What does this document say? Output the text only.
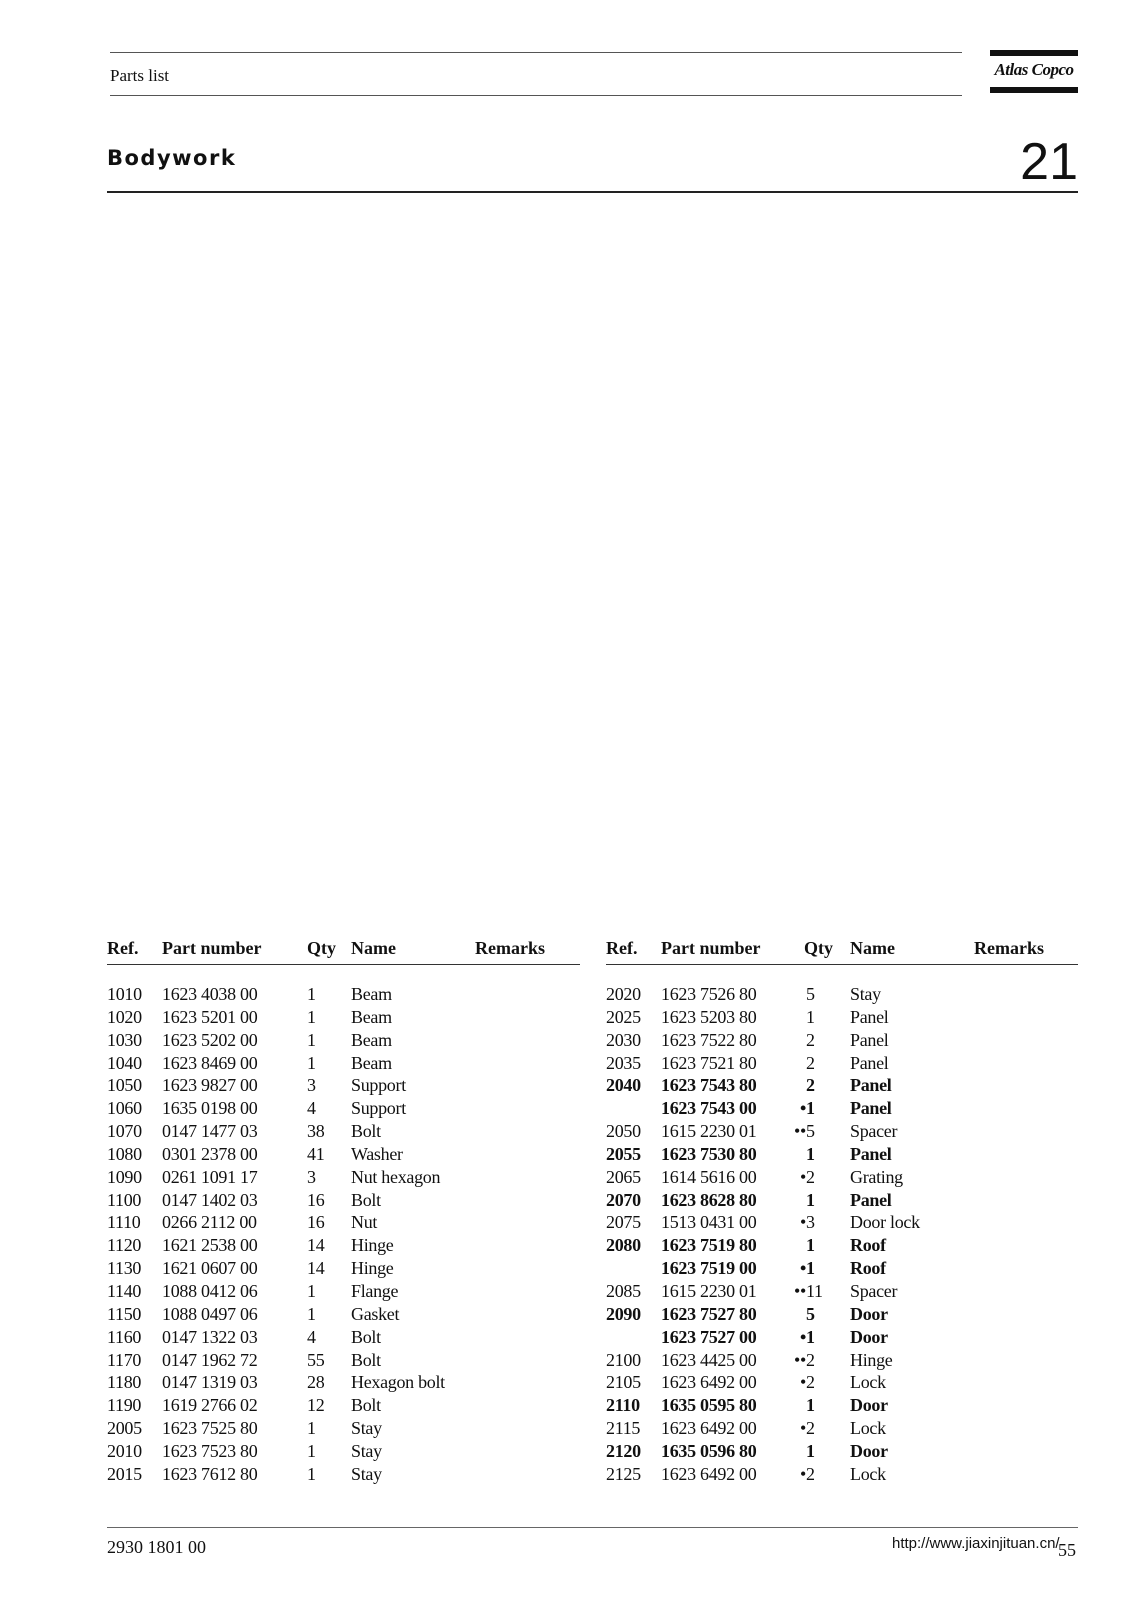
Parts list	Atlas Copco
Bodywork	21
Ref. Part number	Qty Name	Remarks
1010 1623 4038 00	1 Beam
1020 1623 5201 00	1 Beam
1030 1623 5202 00	1 Beam
1040 1623 8469 00	1 Beam
1050 1623 9827 00	3 Support
1060 1635 0198 00	4 Support
1070 0147 1477 03	38 Bolt
1080 0301 2378 00	41 Washer
1090 0261 1091 17	3 Nut hexagon
1100 0147 1402 03	16 Bolt
1110 0266 2112 00	16 Nut
1120 1621 2538 00	14 Hinge
1130 1621 0607 00	14 Hinge
1140 1088 0412 06	1 Flange
1150 1088 0497 06	1 Gasket
1160 0147 1322 03	4 Bolt
1170 0147 1962 72	55 Bolt
1180 0147 1319 03	28 Hexagon bolt
1190 1619 2766 02	12 Bolt
2005 1623 7525 80	1 Stay
2010 1623 7523 80	1 Stay
2015 1623 7612 80	1 Stay
Ref. Part number Qty Name	Remarks
2020 1623 7526 80	5 Stay
2025 1623 5203 80	1 Panel
2030 1623 7522 80	2 Panel
2035 1623 7521 80	2 Panel
2040 1623 7543 80	2 Panel
1623 7543 00	• 1 Panel
2050 1615 2230 01	•• 5 Spacer
2055 1623 7530 80	1 Panel
2065 1614 5616 00	• 2 Grating
2070 1623 8628 80	1 Panel
2075 1513 0431 00	• 3 Door lock
2080 1623 7519 80	1 Roof
1623 7519 00	• 1 Roof
2085 1615 2230 01	•• 11 Spacer
2090 1623 7527 80	5 Door
1623 7527 00	• 1 Door
2100 1623 4425 00	•• 2 Hinge
2105 1623 6492 00	• 2 Lock
2110 1635 0595 80	1 Door
2115 1623 6492 00	• 2 Lock
2120 1635 0596 80	1 Door
2125 1623 6492 00	• 2 Lock
2930 1801 00	http://www.jiaxinjituan.cn/
55
